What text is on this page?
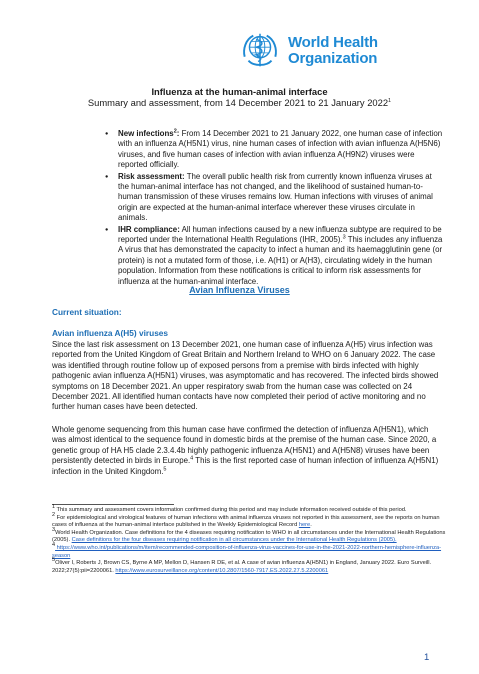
World Health
Organization
Influenza at the human-animal interface
Summary and assessment, from 14 December 2021 to 21 January 2022$^1$
● New infections$^2$: From 14 December 2021 to 21 January 2022, one human case of infection with an influenza A(H5N1) virus, nine human cases of infection with avian influenza A(H5N6) viruses, and five human cases of infection with avian influenza A(H9N2) viruses were reported officially.
● Risk assessment: The overall public health risk from currently known influenza viruses at the human-animal interface has not changed, and the likelihood of sustained human-to-human transmission of these viruses remains low. Human infections with viruses of animal origin are expected at the human-animal interface wherever these viruses circulate in animals.
● IHR compliance: All human infections caused by a new influenza subtype are required to be reported under the International Health Regulations (IHR, 2005).$^3$ This includes any influenza A virus that has demonstrated the capacity to infect a human and its haemagglutinin gene (or protein) is not a mutated form of those, i.e. A(H1) or A(H3), circulating widely in the human population. Information from these notifications is critical to inform risk assessments for influenza at the human-animal interface.
Avian Influenza Viruses
Current situation:
Avian influenza A(H5) viruses

Since the last risk assessment on 13 December 2021, one human case of influenza A(H5) virus infection was reported from the United Kingdom of Great Britain and Northern Ireland to WHO on 6 January 2022. The case was identified through routine follow up of exposed persons from a premise with birds infected with highly pathogenic avian influenza A(H5N1) viruses, was asymptomatic and has recovered. The infected birds showed symptoms on 18 December 2021. An upper respiratory swab from the human case was collected on 24 December 2021. All identified human contacts have now completed their period of active monitoring and no further human cases have been detected.

Whole genome sequencing from this human case have confirmed the detection of influenza A(H5N1), which was almost identical to the sequence found in domestic birds at the premise of the human case. Since 2020, a genetic group of HA H5 clade 2.3.4.4b highly pathogenic influenza A(H5N1) and A(H5N8) viruses have been persistently detected in birds in Europe.$^4$ This is the first reported case of human infection of influenza A(H5N1) infection in the United Kingdom.$^5$

$^1$ This summary and assessment covers information confirmed during this period and may include information received outside of this period.
$^2$ For epidemiological and virological features of human infections with animal influenza viruses not reported in this assessment, see the reports on human cases of influenza at the human-animal interface published in the Weekly Epidemiological Record here.
$^3$World Health Organization. Case definitions for the 4 diseases requiring notification to WHO in all circumstances under the International Health Regulations (2005). Case definitions for the four diseases requiring notification in all circumstances under the International Health Regulations (2005).
$^4$ https://www.who.int/publications/m/item/recommended-composition-of-influenza-virus-vaccines-for-use-in-the-2021-2022-northern-hemisphere-influenza-season
$^5$Oliver I, Roberts J, Brown CS, Byrne A MP, Mellon D, Hansen R DE, et al. A case of avian influenza A(H5N1) in England, January 2022. Euro Surveill. 2022;27(5):pii=2200061. https://www.eurosurveillance.org/content/10.2807/1560-7917.ES.2022.27.5.2200061
1
